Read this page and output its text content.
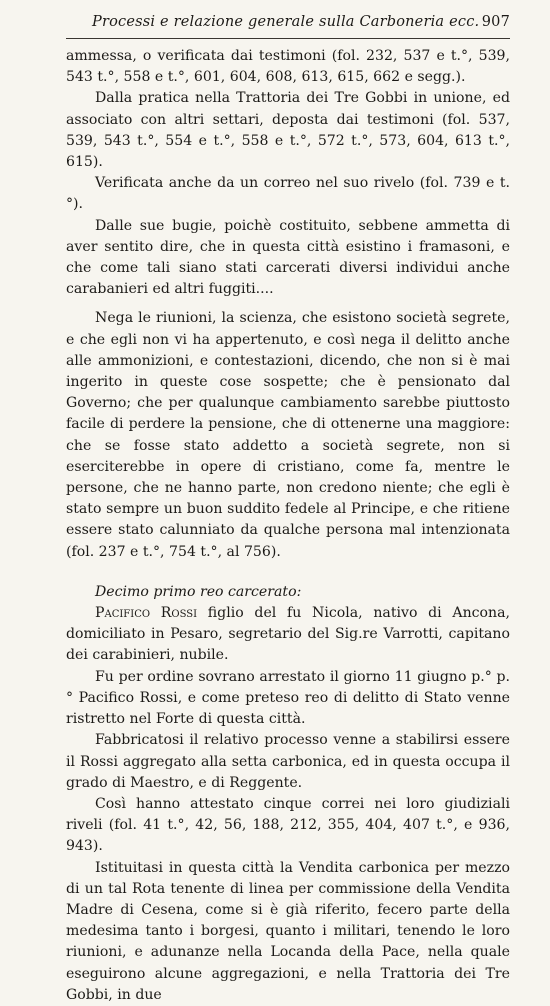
Processi e relazione generale sulla Carboneria ecc. 907

ammessa, o verificata dai testimoni (fol. 232, 537 e t.°, 539, 543 t.°, 558 e t.°, 601, 604, 608, 613, 615, 662 e segg.).

Dalla pratica nella Trattoria dei Tre Gobbi in unione, ed associato con altri settari, deposta dai testimoni (fol. 537, 539, 543 t.°, 554 e t.°, 558 e t.°, 572 t.°, 573, 604, 613 t.°, 615).

Verificata anche da un correo nel suo rivelo (fol. 739 e t.°).

Dalle sue bugie, poichè costituito, sebbene ammetta di aver sentito dire, che in questa città esistino i framasoni, e che come tali siano stati carcerati diversi individui anche carabanieri ed altri fuggiti....

Nega le riunioni, la scienza, che esistono società segrete, e che egli non vi ha appertenuto, e così nega il delitto anche alle ammonizioni, e contestazioni, dicendo, che non si è mai ingerito in queste cose sospette; che è pensionato dal Governo; che per qualunque cambiamento sarebbe piuttosto facile di perdere la pensione, che di ottenerne una maggiore: che se fosse stato addetto a società segrete, non si eserciterebbe in opere di cristiano, come fa, mentre le persone, che ne hanno parte, non credono niente; che egli è stato sempre un buon suddito fedele al Principe, e che ritiene essere stato calunniato da qualche persona mal intenzionata (fol. 237 e t.°, 754 t.°, al 756).

Decimo primo reo carcerato:

Pacifico Rossi figlio del fu Nicola, nativo di Ancona, domiciliato in Pesaro, segretario del Sig.re Varrotti, capitano dei carabinieri, nubile.

Fu per ordine sovrano arrestato il giorno 11 giugno p.° p.° Pacifico Rossi, e come preteso reo di delitto di Stato venne ristretto nel Forte di questa città.

Fabbricatosi il relativo processo venne a stabilirsi essere il Rossi aggregato alla setta carbonica, ed in questa occupa il grado di Maestro, e di Reggente.

Così hanno attestato cinque correi nei loro giudiziali riveli (fol. 41 t.°, 42, 56, 188, 212, 355, 404, 407 t.°, e 936, 943).

Istituitasi in questa città la Vendita carbonica per mezzo di un tal Rota tenente di linea per commissione della Vendita Madre di Cesena, come si è già riferito, fecero parte della medesima tanto i borgesi, quanto i militari, tenendo le loro riunioni, e adunanze nella Locanda della Pace, nella quale eseguirono alcune aggregazioni, e nella Trattoria dei Tre Gobbi, in due
